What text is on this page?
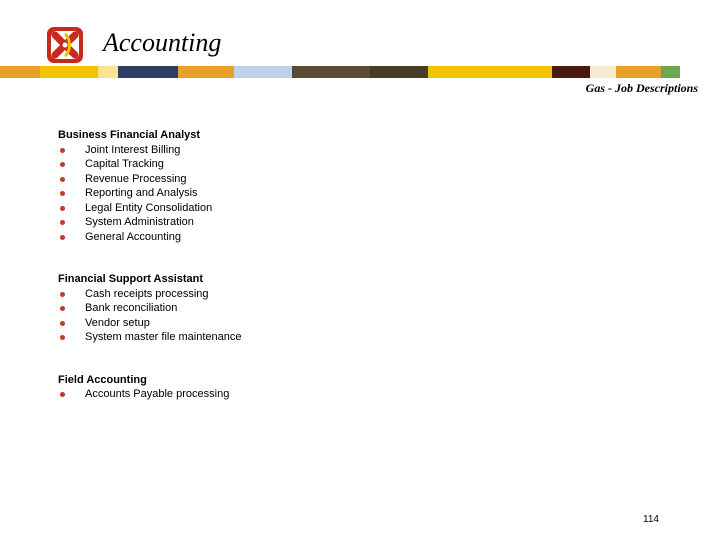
Accounting
Gas - Job Descriptions
Business Financial Analyst
Joint Interest Billing
Capital Tracking
Revenue Processing
Reporting and Analysis
Legal Entity Consolidation
System Administration
General Accounting
Financial Support Assistant
Cash receipts processing
Bank reconciliation
Vendor setup
System master file maintenance
Field Accounting
Accounts Payable processing
114
